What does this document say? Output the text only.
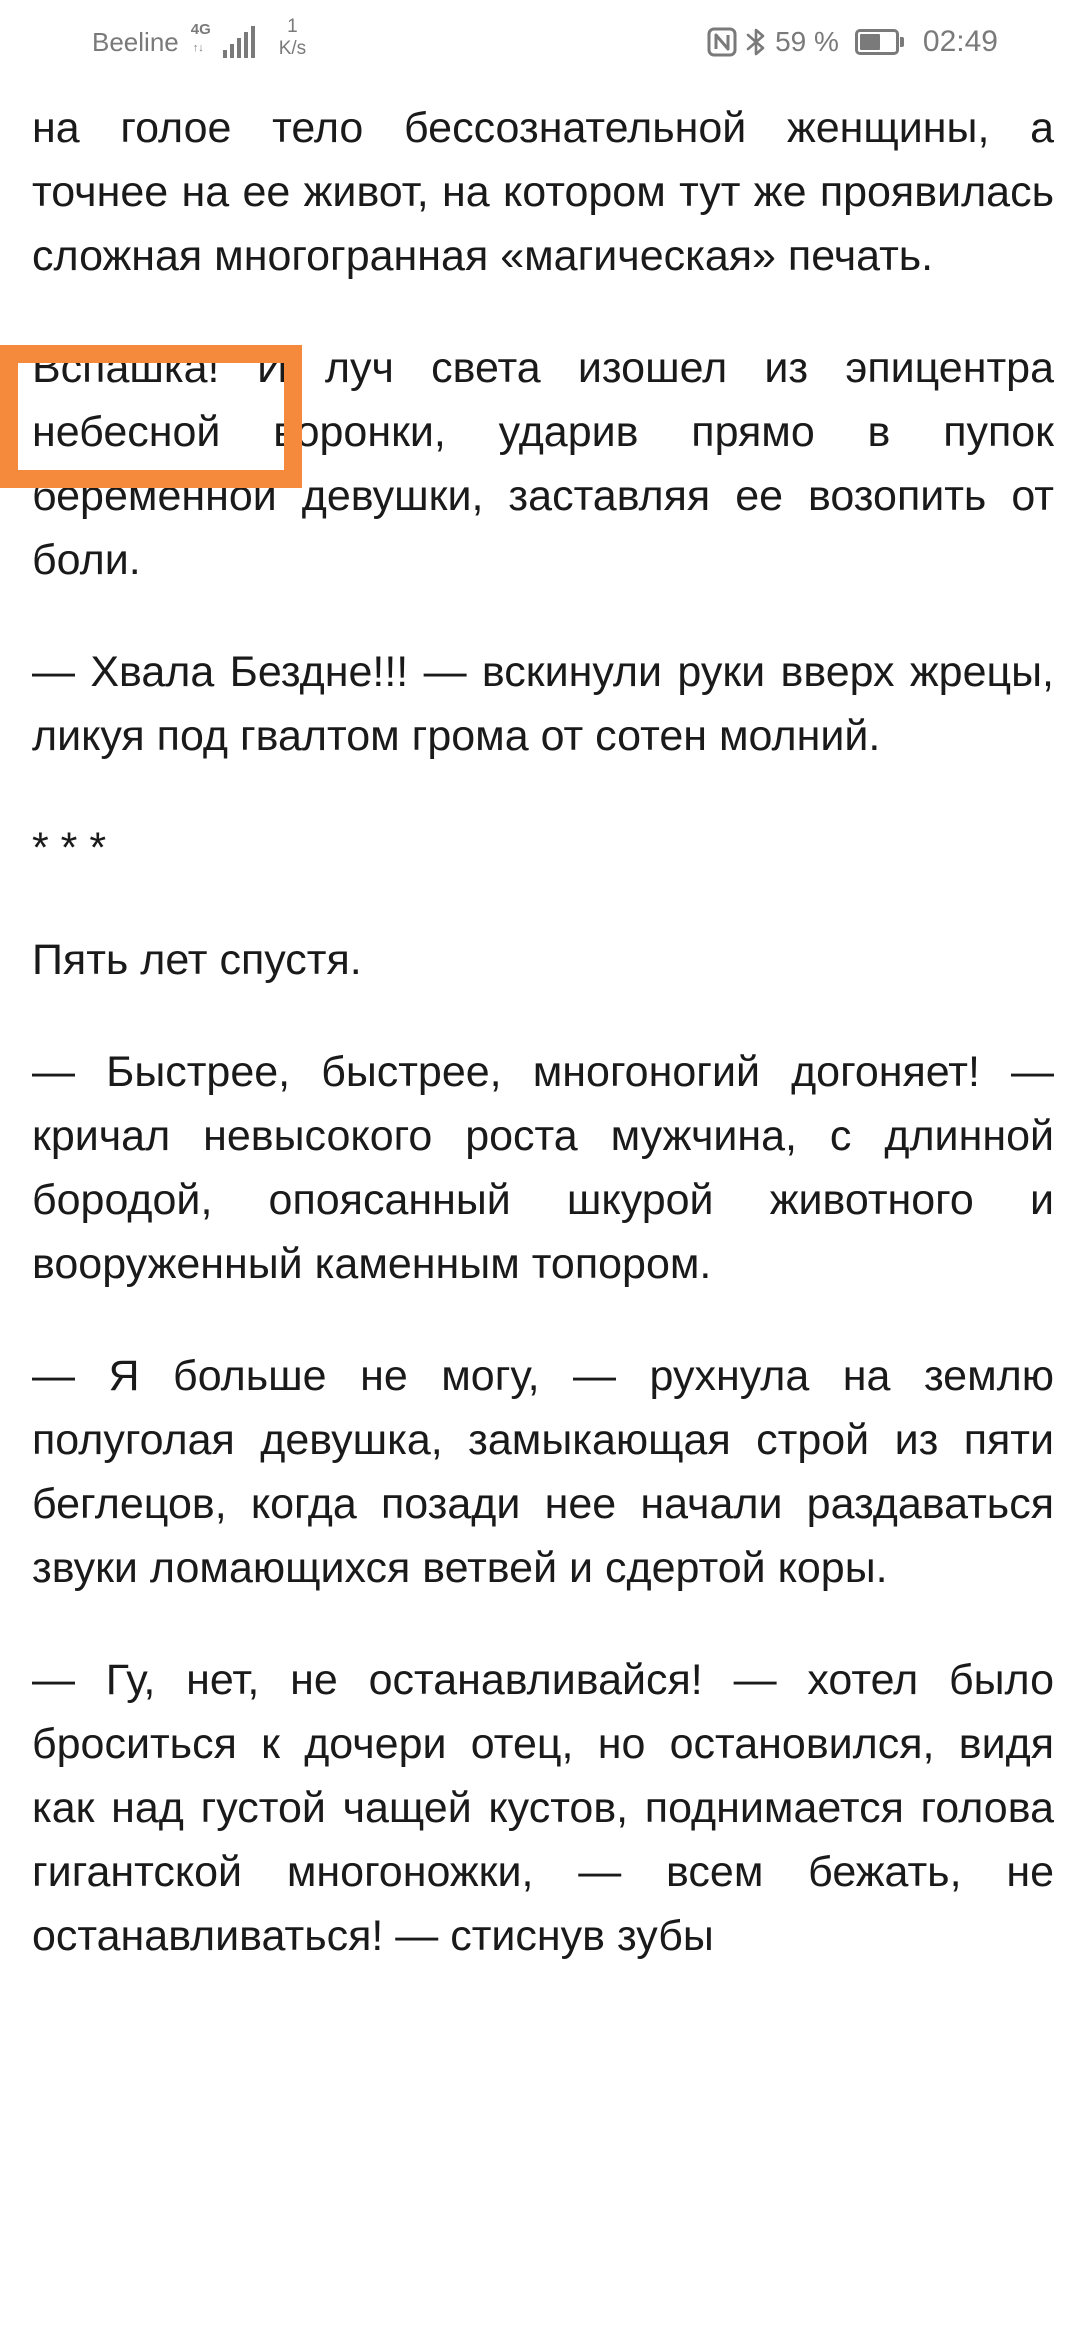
Beeline 4G
↑↓
1
K/s	59 %	02:49

на голое тело бессознательной женщины, а точнее на ее живот, на котором тут же проявилась сложная многогранная «магическая» печать.

Вспашка! И луч света изошел из эпицентра небесной воронки, ударив прямо в пупок беременной девушки, заставляя ее возопить от боли.

— Хвала Бездне!!! — вскинули руки вверх жрецы, ликуя под гвалтом грома от сотен молний.

* * *

Пять лет спустя.

— Быстрее, быстрее, многоногий догоняет! — кричал невысокого роста мужчина, с длинной бородой, опоясанный шкурой животного и вооруженный каменным топором.

— Я больше не могу, — рухнула на землю полуголая девушка, замыкающая строй из пяти беглецов, когда позади нее начали раздаваться звуки ломающихся ветвей и сдертой коры.

— Гу, нет, не останавливайся! — хотел было броситься к дочери отец, но остановился, видя как над густой чащей кустов, поднимается голова гигантской многоножки, — всем бежать, не останавливаться! — стиснув зубы
